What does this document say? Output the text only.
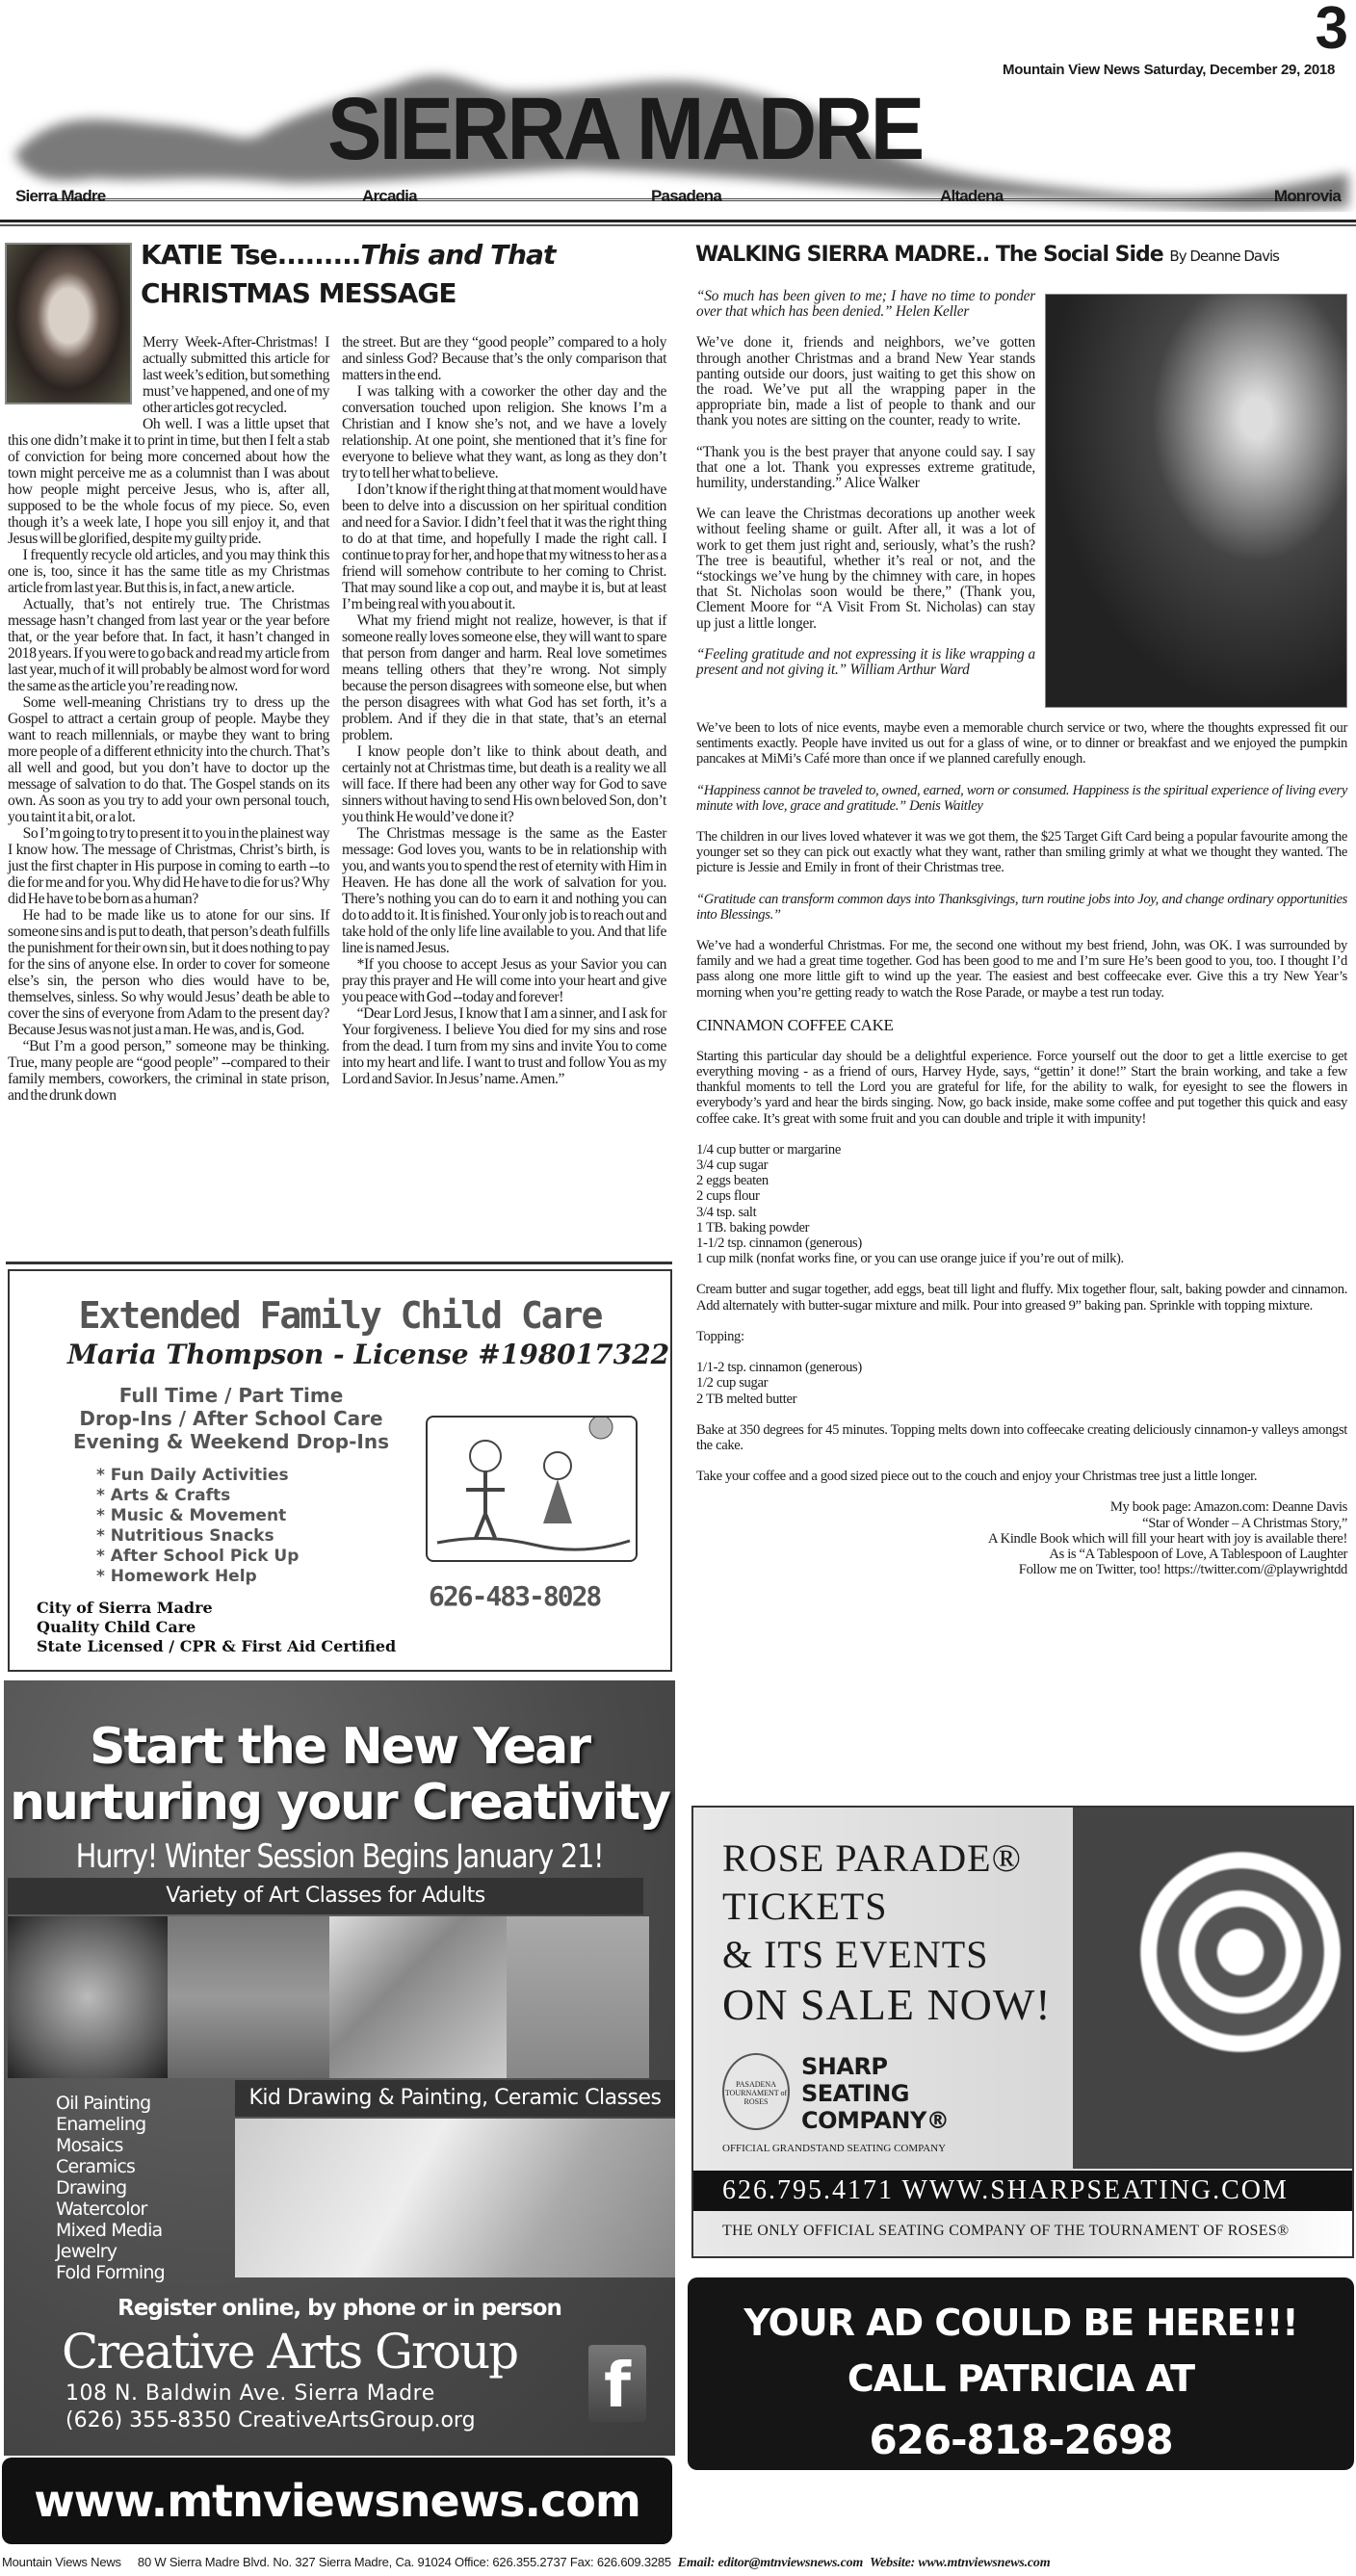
3
Mountain View News Saturday, December 29, 2018
SIERRA MADRE
Sierra Madre	Arcadia	Pasadena	Altadena	Monrovia
KATIE Tse.........This and That
CHRISTMAS MESSAGE

Merry Week-After-Christmas! I actually submitted this article for last week’s edition, but something must’ve happened, and one of my other articles got recycled.

Oh well. I was a little upset that this one didn’t make it to print in time, but then I felt a stab of conviction for being more concerned about how the town might perceive me as a columnist than I was about how people might perceive Jesus, who is, after all, supposed to be the whole focus of my piece. So, even though it’s a week late, I hope you sill enjoy it, and that Jesus will be glorified, despite my guilty pride.

I frequently recycle old articles, and you may think this one is, too, since it has the same title as my Christmas article from last year. But this is, in fact, a new article.

Actually, that’s not entirely true. The Christmas message hasn’t changed from last year or the year before that, or the year before that. In fact, it hasn’t changed in 2018 years. If you were to go back and read my article from last year, much of it will probably be almost word for word the same as the article you’re reading now.

Some well-meaning Christians try to dress up the Gospel to attract a certain group of people. Maybe they want to reach millennials, or maybe they want to bring more people of a different ethnicity into the church. That’s all well and good, but you don’t have to doctor up the message of salvation to do that. The Gospel stands on its own. As soon as you try to add your own personal touch, you taint it a bit, or a lot.

So I’m going to try to present it to you in the plainest way I know how. The message of Christmas, Christ’s birth, is just the first chapter in His purpose in coming to earth --to die for me and for you. Why did He have to die for us? Why did He have to be born as a human?

He had to be made like us to atone for our sins. If someone sins and is put to death, that person’s death fulfills the punishment for their own sin, but it does nothing to pay for the sins of anyone else. In order to cover for someone else’s sin, the person who dies would have to be, themselves, sinless. So why would Jesus’ death be able to cover the sins of everyone from Adam to the present day? Because Jesus was not just a man. He was, and is, God.

“But I’m a good person,” someone may be thinking. True, many people are “good people” --compared to their family members, coworkers, the criminal in state prison, and the drunk down

the street. But are they “good people” compared to a holy and sinless God? Because that’s the only comparison that matters in the end.

I was talking with a coworker the other day and the conversation touched upon religion. She knows I’m a Christian and I know she’s not, and we have a lovely relationship. At one point, she mentioned that it’s fine for everyone to believe what they want, as long as they don’t try to tell her what to believe.

I don’t know if the right thing at that moment would have been to delve into a discussion on her spiritual condition and need for a Savior. I didn’t feel that it was the right thing to do at that time, and hopefully I made the right call. I continue to pray for her, and hope that my witness to her as a friend will somehow contribute to her coming to Christ. That may sound like a cop out, and maybe it is, but at least I’m being real with you about it.

What my friend might not realize, however, is that if someone really loves someone else, they will want to spare that person from danger and harm. Real love sometimes means telling others that they’re wrong. Not simply because the person disagrees with someone else, but when the person disagrees with what God has set forth, it’s a problem. And if they die in that state, that’s an eternal problem.

I know people don’t like to think about death, and certainly not at Christmas time, but death is a reality we all will face. If there had been any other way for God to save sinners without having to send His own beloved Son, don’t you think He would’ve done it?

The Christmas message is the same as the Easter message: God loves you, wants to be in relationship with you, and wants you to spend the rest of eternity with Him in Heaven. He has done all the work of salvation for you. There’s nothing you can do to earn it and nothing you can do to add to it. It is finished. Your only job is to reach out and take hold of the only life line available to you. And that life line is named Jesus.

*If you choose to accept Jesus as your Savior you can pray this prayer and He will come into your heart and give you peace with God --today and forever!

“Dear Lord Jesus, I know that I am a sinner, and I ask for Your forgiveness. I believe You died for my sins and rose from the dead. I turn from my sins and invite You to come into my heart and life. I want to trust and follow You as my Lord and Savior. In Jesus’ name. Amen.”

Extended Family Child Care
Maria Thompson - License #198017322
Full Time / Part Time
Drop-Ins / After School Care
Evening & Weekend Drop-Ins
* Fun Daily Activities
* Arts & Crafts
* Music & Movement
* Nutritious Snacks
* After School Pick Up
* Homework Help
626-483-8028
City of Sierra Madre
Quality Child Care
State Licensed / CPR & First Aid Certified
Start the New Year
nurturing your Creativity
Hurry! Winter Session Begins January 21!
Variety of Art Classes for Adults
Kid Drawing & Painting, Ceramic Classes
Oil Painting
Enameling
Mosaics
Ceramics
Drawing
Watercolor
Mixed Media
Jewelry
Fold Forming
Register online, by phone or in person
Creative Arts Group
108 N. Baldwin Ave. Sierra Madre
(626) 355-8350 CreativeArtsGroup.org f
www.mtnviewsnews.com
Mountain Views News 80 W Sierra Madre Blvd. No. 327 Sierra Madre, Ca. 91024 Office: 626.355.2737 Fax: 626.609.3285 Email: editor@mtnviewsnews.com Website: www.mtnviewsnews.com
WALKING SIERRA MADRE.. The Social Side By Deanne Davis

“So much has been given to me; I have no time to ponder over that which has been denied.” Helen Keller

We’ve done it, friends and neighbors, we’ve gotten through another Christmas and a brand New Year stands panting outside our doors, just waiting to get this show on the road. We’ve put all the wrapping paper in the appropriate bin, made a list of people to thank and our thank you notes are sitting on the counter, ready to write.

“Thank you is the best prayer that anyone could say. I say that one a lot. Thank you expresses extreme gratitude, humility, understanding.” Alice Walker

We can leave the Christmas decorations up another week without feeling shame or guilt. After all, it was a lot of work to get them just right and, seriously, what’s the rush? The tree is beautiful, whether it’s real or not, and the “stockings we’ve hung by the chimney with care, in hopes that St. Nicholas soon would be there,” (Thank you, Clement Moore for “A Visit From St. Nicholas) can stay up just a little longer.

“Feeling gratitude and not expressing it is like wrapping a present and not giving it.” William Arthur Ward

We’ve been to lots of nice events, maybe even a memorable church service or two, where the thoughts expressed fit our sentiments exactly. People have invited us out for a glass of wine, or to dinner or breakfast and we enjoyed the pumpkin pancakes at MiMi’s Café more than once if we planned carefully enough.

“Happiness cannot be traveled to, owned, earned, worn or consumed. Happiness is the spiritual experience of living every minute with love, grace and gratitude.” Denis Waitley

The children in our lives loved whatever it was we got them, the $25 Target Gift Card being a popular favourite among the younger set so they can pick out exactly what they want, rather than smiling grimly at what we thought they wanted. The picture is Jessie and Emily in front of their Christmas tree.

“Gratitude can transform common days into Thanksgivings, turn routine jobs into Joy, and change ordinary opportunities into Blessings.”

We’ve had a wonderful Christmas. For me, the second one without my best friend, John, was OK. I was surrounded by family and we had a great time together. God has been good to me and I’m sure He’s been good to you, too. I thought I’d pass along one more little gift to wind up the year. The easiest and best coffeecake ever. Give this a try New Year’s morning when you’re getting ready to watch the Rose Parade, or maybe a test run today.

CINNAMON COFFEE CAKE

Starting this particular day should be a delightful experience. Force yourself out the door to get a little exercise to get everything moving - as a friend of ours, Harvey Hyde, says, “gettin’ it done!” Start the brain working, and take a few thankful moments to tell the Lord you are grateful for life, for the ability to walk, for eyesight to see the flowers in everybody’s yard and hear the birds singing. Now, go back inside, make some coffee and put together this quick and easy coffee cake. It’s great with some fruit and you can double and triple it with impunity!

1/4 cup butter or margarine
3/4 cup sugar
2 eggs beaten
2 cups flour
3/4 tsp. salt
1 TB. baking powder
1-1/2 tsp. cinnamon (generous)
1 cup milk (nonfat works fine, or you can use orange juice if you’re out of milk).

Cream butter and sugar together, add eggs, beat till light and fluffy. Mix together flour, salt, baking powder and cinnamon. Add alternately with butter-sugar mixture and milk. Pour into greased 9” baking pan. Sprinkle with topping mixture.

Topping:

1/1-2 tsp. cinnamon (generous)
1/2 cup sugar
2 TB melted butter

Bake at 350 degrees for 45 minutes. Topping melts down into coffeecake creating deliciously cinnamon-y valleys amongst the cake.

Take your coffee and a good sized piece out to the couch and enjoy your Christmas tree just a little longer.

My book page: Amazon.com: Deanne Davis
“Star of Wonder – A Christmas Story,”
A Kindle Book which will fill your heart with joy is available there!
As is “A Tablespoon of Love, A Tablespoon of Laughter
Follow me on Twitter, too! https://twitter.com/@playwrightdd
ROSE PARADE®
TICKETS
& ITS EVENTS
ON SALE NOW!
PASADENA TOURNAMENT of ROSES
SHARP
SEATING
COMPANY®
OFFICIAL GRANDSTAND SEATING COMPANY
626.795.4171 WWW.SHARPSEATING.COM
THE ONLY OFFICIAL SEATING COMPANY OF THE TOURNAMENT OF ROSES®
YOUR AD COULD BE HERE!!!
CALL PATRICIA AT
626-818-2698
